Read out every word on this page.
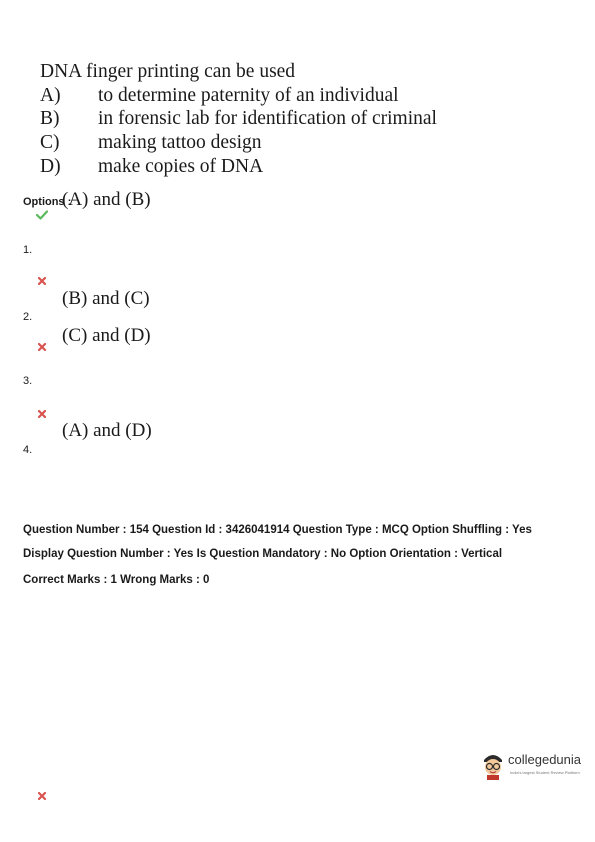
DNA finger printing can be used
A) to determine paternity of an individual
B) in forensic lab for identification of criminal
C) making tattoo design
D) make copies of DNA
Options :
(A) and (B)
1.
(B) and (C)
2.
(C) and (D)
3.
(A) and (D)
4.
Question Number : 154 Question Id : 3426041914 Question Type : MCQ Option Shuffling : Yes
Display Question Number : Yes Is Question Mandatory : No Option Orientation : Vertical
Correct Marks : 1 Wrong Marks : 0
collegedunia
India's largest Student Review Platform
